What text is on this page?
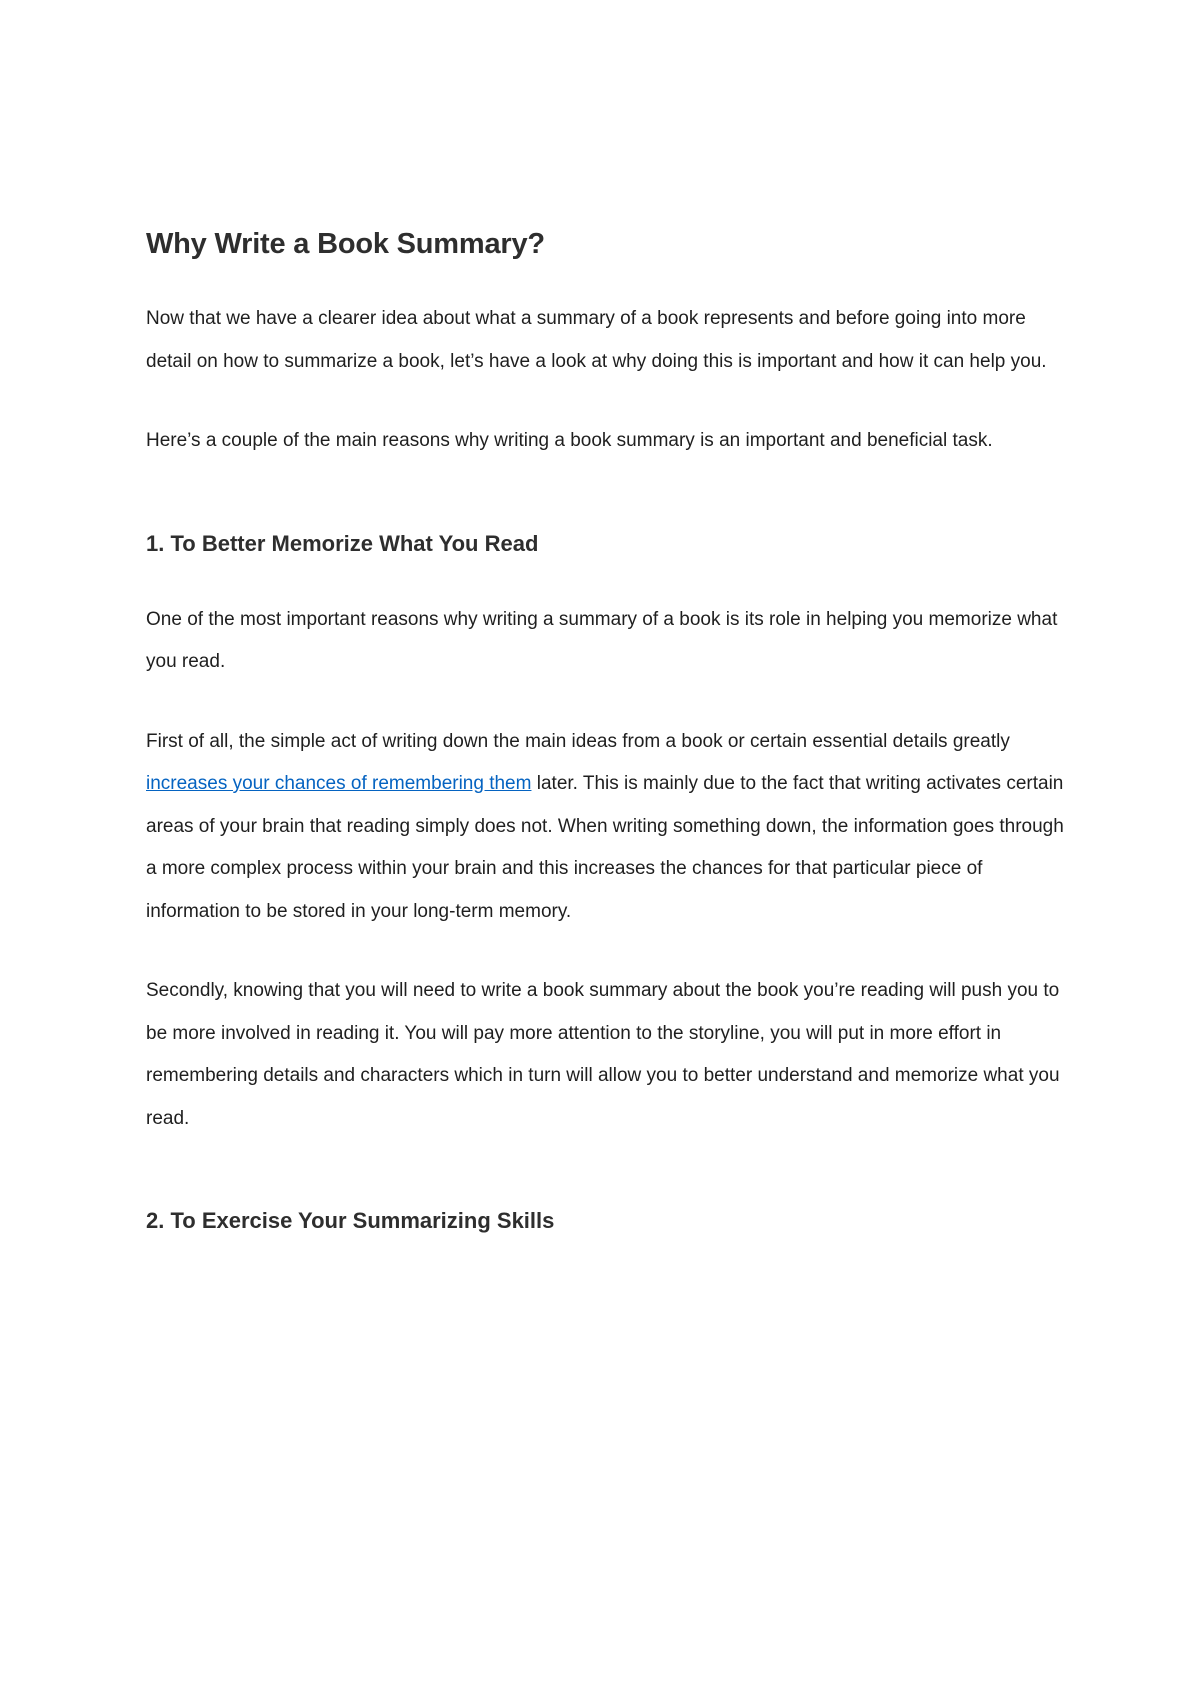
Why Write a Book Summary?

Now that we have a clearer idea about what a summary of a book represents and before going into more detail on how to summarize a book, let’s have a look at why doing this is important and how it can help you.

Here’s a couple of the main reasons why writing a book summary is an important and beneficial task.

1. To Better Memorize What You Read

One of the most important reasons why writing a summary of a book is its role in helping you memorize what you read.

First of all, the simple act of writing down the main ideas from a book or certain essential details greatly increases your chances of remembering them later. This is mainly due to the fact that writing activates certain areas of your brain that reading simply does not. When writing something down, the information goes through a more complex process within your brain and this increases the chances for that particular piece of information to be stored in your long-term memory.

Secondly, knowing that you will need to write a book summary about the book you’re reading will push you to be more involved in reading it. You will pay more attention to the storyline, you will put in more effort in remembering details and characters which in turn will allow you to better understand and memorize what you read.

2. To Exercise Your Summarizing Skills
